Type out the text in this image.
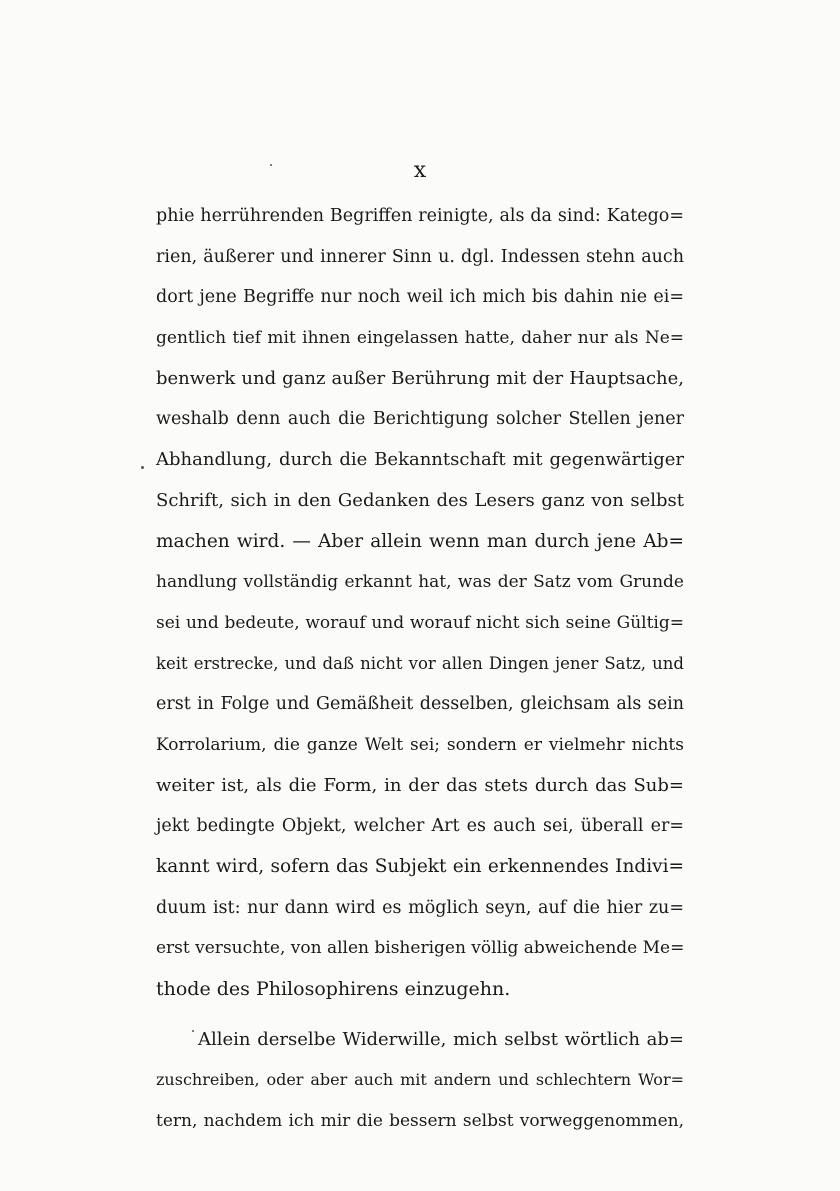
x
phie herrührenden Begriffen reinigte, als da sind: Katego=
rien, äußerer und innerer Sinn u. dgl. Indessen stehn auch
dort jene Begriffe nur noch weil ich mich bis dahin nie ei=
gentlich tief mit ihnen eingelassen hatte, daher nur als Ne=
benwerk und ganz außer Berührung mit der Hauptsache,
weshalb denn auch die Berichtigung solcher Stellen jener
Abhandlung, durch die Bekanntschaft mit gegenwärtiger
Schrift, sich in den Gedanken des Lesers ganz von selbst
machen wird. — Aber allein wenn man durch jene Ab=
handlung vollständig erkannt hat, was der Satz vom Grunde
sei und bedeute, worauf und worauf nicht sich seine Gültig=
keit erstrecke, und daß nicht vor allen Dingen jener Satz, und
erst in Folge und Gemäßheit desselben, gleichsam als sein
Korrolarium, die ganze Welt sei; sondern er vielmehr nichts
weiter ist, als die Form, in der das stets durch das Sub=
jekt bedingte Objekt, welcher Art es auch sei, überall er=
kannt wird, sofern das Subjekt ein erkennendes Indivi=
duum ist: nur dann wird es möglich seyn, auf die hier zu=
erst versuchte, von allen bisherigen völlig abweichende Me=
thode des Philosophirens einzugehn.
Allein derselbe Widerwille, mich selbst wörtlich ab=
zuschreiben, oder aber auch mit andern und schlechtern Wor=
tern, nachdem ich mir die bessern selbst vorweggenommen,
